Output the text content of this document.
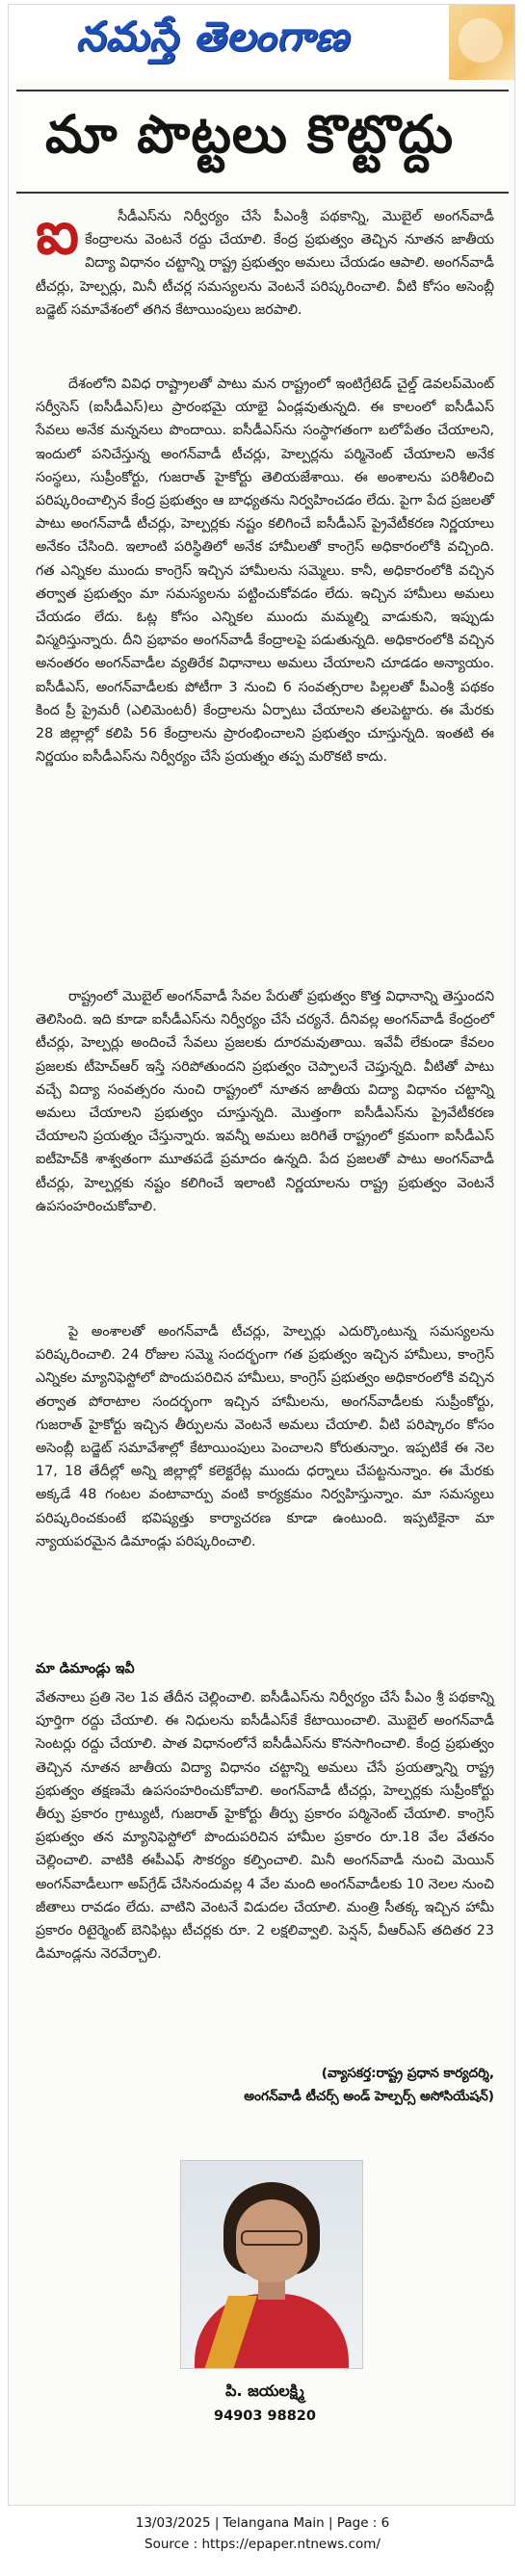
నమస్తే తెలంగాణ
మా పొట్టలు కొట్టొద్దు

ఐ	సీడీఎస్‌ను నిర్వీర్యం చేసే పీఎంశ్రీ పథకాన్ని, మొబైల్ అంగన్‌వాడీ కేంద్రాలను వెంటనే రద్దు చేయాలి. కేంద్ర ప్రభుత్వం తెచ్చిన నూతన జాతీయ విద్యా విధానం చట్టాన్ని రాష్ట్ర ప్రభుత్వం అమలు చేయడం ఆపాలి. అంగన్‌వాడీ టీచర్లు, హెల్పర్లు, మినీ టీచర్ల సమస్యలను వెంటనే పరిష్కరించాలి. వీటి కోసం అసెంబ్లీ బడ్జెట్ సమావేశంలో తగిన కేటాయింపులు జరపాలి.

దేశంలోని వివిధ రాష్ట్రాలతో పాటు మన రాష్ట్రంలో ఇంటిగ్రేటెడ్ చైల్డ్ డెవలప్‌మెంట్ సర్వీసెస్ (ఐసీడీఎస్)లు ప్రారంభమై యాభై ఏండ్లవుతున్నది. ఈ కాలంలో ఐసీడీఎస్ సేవలు అనేక మన్ననలు పొందాయి. ఐసీడీఎస్‌ను సంస్థాగతంగా బలోపేతం చేయాలని, ఇందులో పనిచేస్తున్న అంగన్‌వాడీ టీచర్లు, హెల్పర్లను పర్మినెంట్ చేయాలని అనేక సంస్థలు, సుప్రీంకోర్టు, గుజరాత్ హైకోర్టు తెలియజేశాయి. ఈ అంశాలను పరిశీలించి పరిష్కరించాల్సిన కేంద్ర ప్రభుత్వం ఆ బాధ్యతను నిర్వహించడం లేదు. పైగా పేద ప్రజలతో పాటు అంగన్‌వాడీ టీచర్లు, హెల్పర్లకు నష్టం కలిగించే ఐసీడీఎస్ ప్రైవేటీకరణ నిర్ణయాలు అనేకం చేసింది. ఇలాంటి పరిస్థితిలో అనేక హామీలతో కాంగ్రెస్ అధికారంలోకి వచ్చింది. గత ఎన్నికల ముందు కాంగ్రెస్ ఇచ్చిన హామీలను సమ్మెలు. కానీ, అధికారంలోకి వచ్చిన తర్వాత ప్రభుత్వం మా సమస్యలను పట్టించుకోవడం లేదు. ఇచ్చిన హామీలు అమలు చేయడం లేదు. ఓట్ల కోసం ఎన్నికల ముందు మమ్మల్ని వాడుకుని, ఇప్పుడు విస్మరిస్తున్నారు. దీని ప్రభావం అంగన్‌వాడీ కేంద్రాలపై పడుతున్నది. అధికారంలోకి వచ్చిన అనంతరం అంగన్‌వాడీల వ్యతిరేక విధానాలు అమలు చేయాలని చూడడం అన్యాయం. ఐసీడీఎస్, అంగన్‌వాడీలకు పోటీగా 3 నుంచి 6 సంవత్సరాల పిల్లలతో పీఎంశ్రీ పథకం కింద ప్రీ ప్రైమరీ (ఎలిమెంటరీ) కేంద్రాలను ఏర్పాటు చేయాలని తలపెట్టారు. ఈ మేరకు 28 జిల్లాల్లో కలిపి 56 కేంద్రాలను ప్రారంభించాలని ప్రభుత్వం చూస్తున్నది. ఇంతటి ఈ నిర్ణయం ఐసీడీఎస్‌ను నిర్వీర్యం చేసే ప్రయత్నం తప్ప మరొకటి కాదు.

రాష్ట్రంలో మొబైల్ అంగన్‌వాడీ సేవల పేరుతో ప్రభుత్వం కొత్త విధానాన్ని తెస్తుందని తెలిసింది. ఇది కూడా ఐసీడీఎస్‌ను నిర్వీర్యం చేసే చర్యనే. దీనివల్ల అంగన్‌వాడీ కేంద్రంలో టీచర్లు, హెల్పర్లు అందించే సేవలు ప్రజలకు దూరమవుతాయి. ఇవేవీ లేకుండా కేవలం ప్రజలకు టీహెచ్ఆర్ ఇస్తే సరిపోతుందని ప్రభుత్వం చెప్పాలనే చెప్తున్నది. వీటితో పాటు వచ్చే విద్యా సంవత్సరం నుంచి రాష్ట్రంలో నూతన జాతీయ విద్యా విధానం చట్టాన్ని అమలు చేయాలని ప్రభుత్వం చూస్తున్నది. మొత్తంగా ఐసీడీఎస్‌ను ప్రైవేటీకరణ చేయాలని ప్రయత్నం చేస్తున్నారు. ఇవన్నీ అమలు జరిగితే రాష్ట్రంలో క్రమంగా ఐసీడీఎస్ ఐటీహెచ్‌కి శాశ్వతంగా మూతపడే ప్రమాదం ఉన్నది. పేద ప్రజలతో పాటు అంగన్‌వాడీ టీచర్లు, హెల్పర్లకు నష్టం కలిగించే ఇలాంటి నిర్ణయాలను రాష్ట్ర ప్రభుత్వం వెంటనే ఉపసంహరించుకోవాలి.

పై అంశాలతో అంగన్‌వాడీ టీచర్లు, హెల్పర్లు ఎదుర్కొంటున్న సమస్యలను పరిష్కరించాలి. 24 రోజుల సమ్మె సందర్భంగా గత ప్రభుత్వం ఇచ్చిన హామీలు, కాంగ్రెస్ ఎన్నికల మ్యానిఫెస్టోలో పొందుపరిచిన హామీలు, కాంగ్రెస్ ప్రభుత్వం అధికారంలోకి వచ్చిన తర్వాత పోరాటాల సందర్భంగా ఇచ్చిన హామీలను, అంగన్‌వాడీలకు సుప్రీంకోర్టు, గుజరాత్ హైకోర్టు ఇచ్చిన తీర్పులను వెంటనే అమలు చేయాలి. వీటి పరిష్కారం కోసం అసెంబ్లీ బడ్జెట్ సమావేశాల్లో కేటాయింపులు పెంచాలని కోరుతున్నాం. ఇప్పటికే ఈ నెల 17, 18 తేదీల్లో అన్ని జిల్లాల్లో కలెక్టరేట్ల ముందు ధర్నాలు చేపట్టనున్నాం. ఈ మేరకు అక్కడే 48 గంటల వంటావార్పు వంటి కార్యక్రమం నిర్వహిస్తున్నాం. మా సమస్యలు పరిష్కరించకుంటే భవిష్యత్తు కార్యాచరణ కూడా ఉంటుంది. ఇప్పటికైనా మా న్యాయపరమైన డిమాండ్లు పరిష్కరించాలి.

మా డిమాండ్లు ఇవీ

వేతనాలు ప్రతి నెల 1వ తేదీన చెల్లించాలి. ఐసీడీఎస్‌ను నిర్వీర్యం చేసే పీఎం శ్రీ పథకాన్ని పూర్తిగా రద్దు చేయాలి. ఈ నిధులను ఐసీడీఎస్‌కే కేటాయించాలి. మొబైల్ అంగన్‌వాడీ సెంటర్లు రద్దు చేయాలి. పాత విధానంలోనే ఐసీడీఎస్‌ను కొనసాగించాలి. కేంద్ర ప్రభుత్వం తెచ్చిన నూతన జాతీయ విద్యా విధానం చట్టాన్ని అమలు చేసే ప్రయత్నాన్ని రాష్ట్ర ప్రభుత్వం తక్షణమే ఉపసంహరించుకోవాలి. అంగన్‌వాడీ టీచర్లు, హెల్పర్లకు సుప్రీంకోర్టు తీర్పు ప్రకారం గ్రాట్యుటీ, గుజరాత్ హైకోర్టు తీర్పు ప్రకారం పర్మినెంట్ చేయాలి. కాంగ్రెస్ ప్రభుత్వం తన మ్యానిఫెస్టోలో పొందుపరిచిన హామీల ప్రకారం రూ.18 వేల వేతనం చెల్లించాలి. వాటికి ఈపీఎఫ్ సౌకర్యం కల్పించాలి. మినీ అంగన్‌వాడీ నుంచి మెయిన్ అంగన్‌వాడీలుగా అప్‌గ్రేడ్ చేసినందువల్ల 4 వేల మంది అంగన్‌వాడీలకు 10 నెలల నుంచి జీతాలు రావడం లేదు. వాటిని వెంటనే విడుదల చేయాలి. మంత్రి సీతక్క ఇచ్చిన హామీ ప్రకారం రిటైర్మెంట్ బెనిఫిట్లు టీచర్లకు రూ. 2 లక్షలివ్వాలి. పెన్షన్, వీఆర్ఎస్ తదితర 23 డిమాండ్లను నెరవేర్చాలి.

(వ్యాసకర్త:రాష్ట్ర ప్రధాన కార్యదర్శి,
అంగన్‌వాడీ టీచర్స్ అండ్ హెల్పర్స్ అసోసియేషన్)
పి. జయలక్ష్మి
94903 98820
13/03/2025 | Telangana Main | Page : 6
Source : https://epaper.ntnews.com/
